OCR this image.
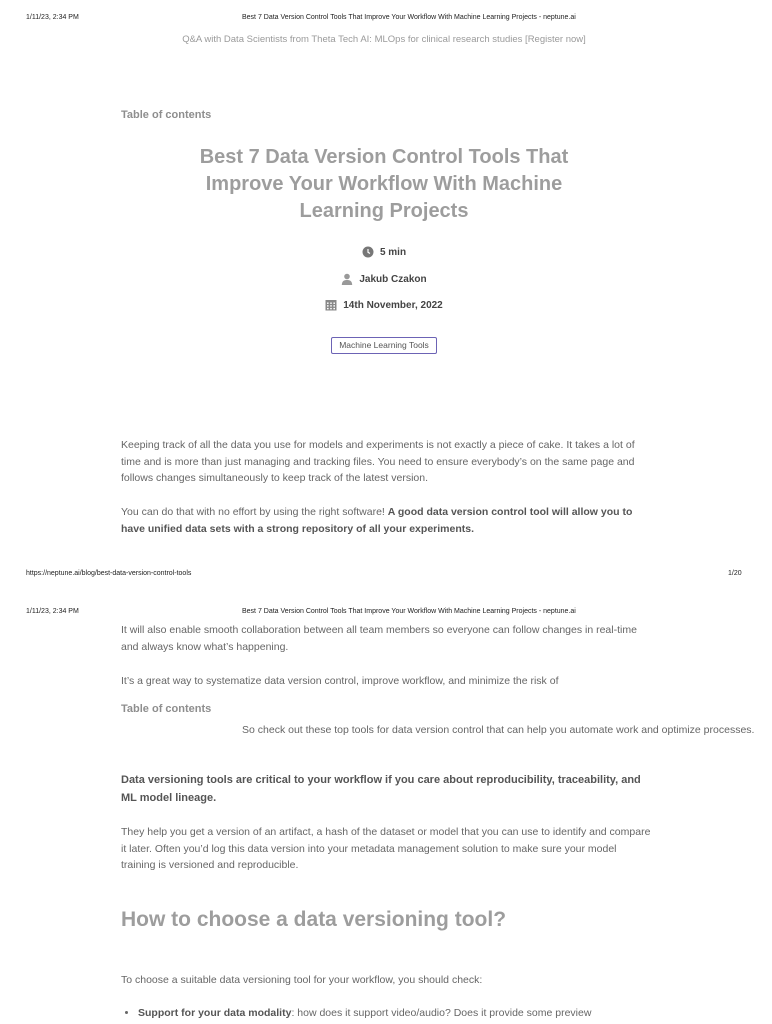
1/11/23, 2:34 PM	Best 7 Data Version Control Tools That Improve Your Workflow With Machine Learning Projects - neptune.ai
Q&A with Data Scientists from Theta Tech AI: MLOps for clinical research studies [Register now]
Table of contents
Best 7 Data Version Control Tools That Improve Your Workflow With Machine Learning Projects
5 min
Jakub Czakon
14th November, 2022
Machine Learning Tools

Keeping track of all the data you use for models and experiments is not exactly a piece of cake. It takes a lot of time and is more than just managing and tracking files. You need to ensure everybody’s on the same page and follows changes simultaneously to keep track of the latest version.

You can do that with no effort by using the right software! A good data version control tool will allow you to have unified data sets with a strong repository of all your experiments.

https://neptune.ai/blog/best-data-version-control-tools	1/20
1/11/23, 2:34 PM	Best 7 Data Version Control Tools That Improve Your Workflow With Machine Learning Projects - neptune.ai

It will also enable smooth collaboration between all team members so everyone can follow changes in real-time and always know what’s happening.

It’s a great way to systematize data version control, improve workflow, and minimize the risk of

Table of contents

So check out these top tools for data version control that can help you automate work and optimize processes.

Data versioning tools are critical to your workflow if you care about reproducibility, traceability, and ML model lineage.

They help you get a version of an artifact, a hash of the dataset or model that you can use to identify and compare it later. Often you’d log this data version into your metadata management solution to make sure your model training is versioned and reproducible.

How to choose a data versioning tool?

To choose a suitable data versioning tool for your workflow, you should check:

• Support for your data modality: how does it support video/audio? Does it provide some preview
